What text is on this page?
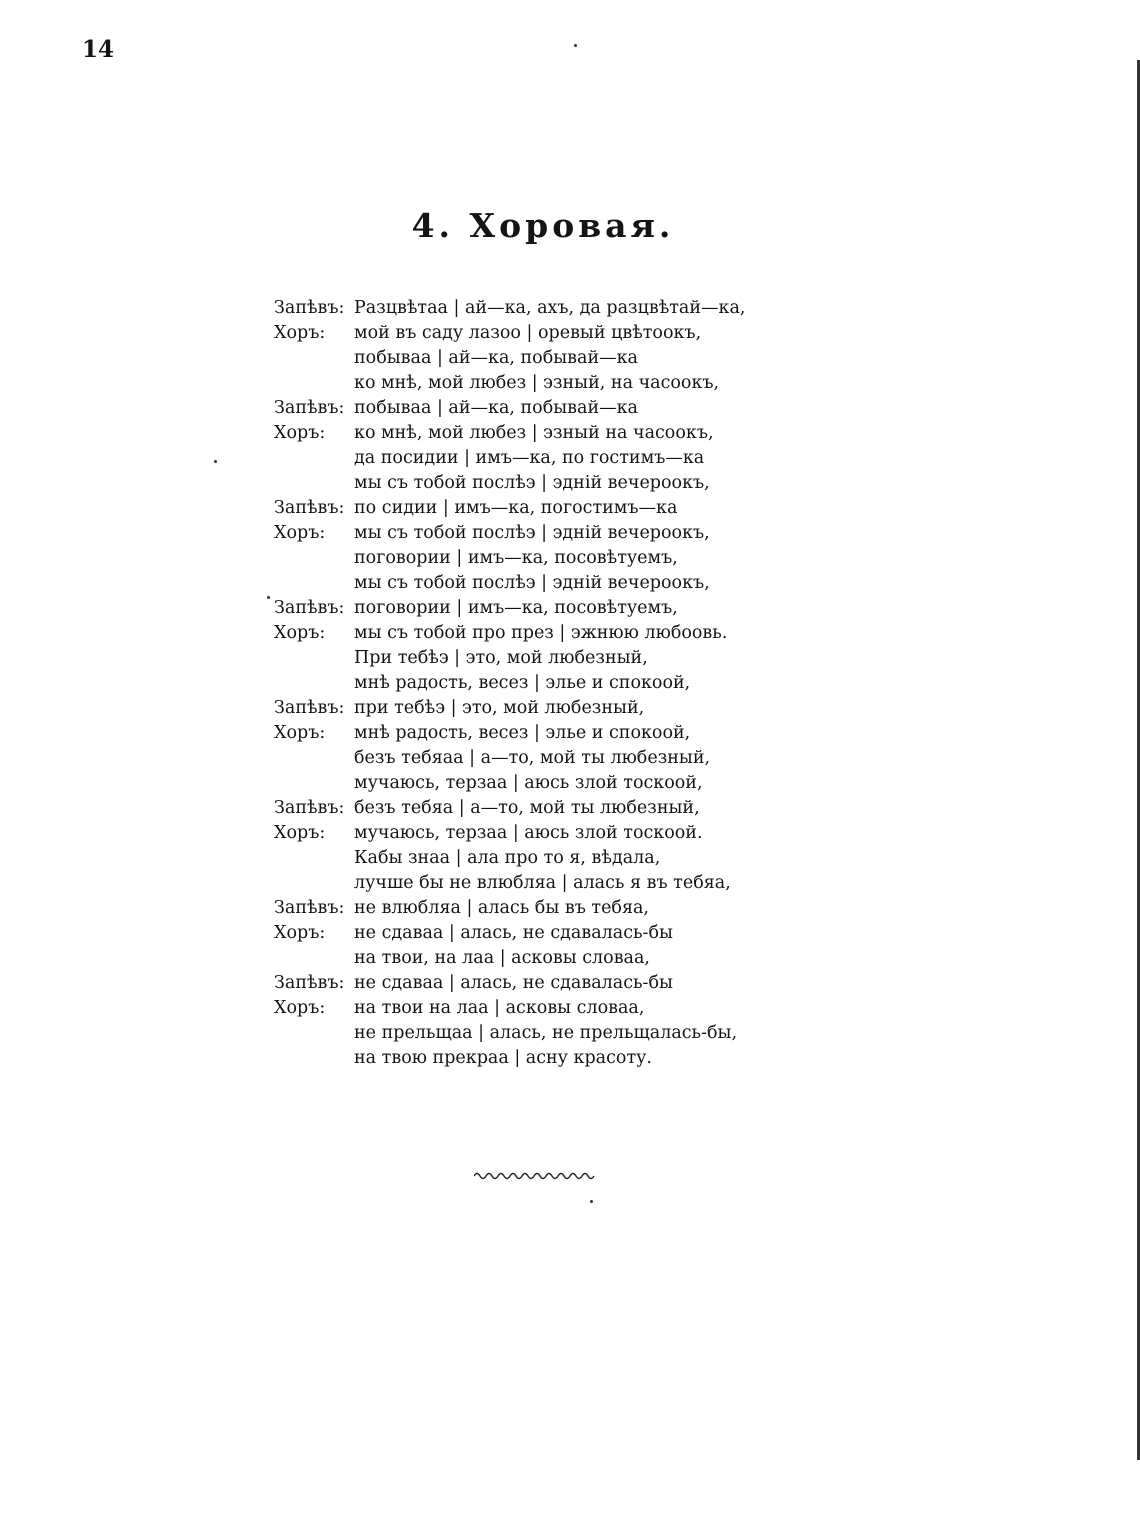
14
4. Хоровая.
Запѣвъ: Разцвѣтаа | ай—ка, ахъ, да разцвѣтай—ка,
Хоръ:	мой въ саду лазоо | оревый цвѣтоокъ,
побываа | ай—ка, побывай—ка
ко мнѣ, мой любез | эзный, на часоокъ,
Запѣвъ: побываа | ай—ка, побывай—ка
Хоръ:	ко мнѣ, мой любез | эзный на часоокъ,
да посидии | имъ—ка, по гостимъ—ка
мы съ тобой послѣэ | эдній вечероокъ,
Запѣвъ: по сидии | имъ—ка, погостимъ—ка
Хоръ:	мы съ тобой послѣэ | эдній вечероокъ,
поговории | имъ—ка, посовѣтуемъ,
мы съ тобой послѣэ | эдній вечероокъ,
Запѣвъ: поговории | имъ—ка, посовѣтуемъ,
Хоръ:	мы съ тобой про през | эжнюю любоовь.
При тебѣэ | это, мой любезный,
мнѣ радость, весез | элье и спокоой,
Запѣвъ: при тебѣэ | это, мой любезный,
Хоръ:	мнѣ радость, весез | элье и спокоой,
безъ тебяаа | а—то, мой ты любезный,
мучаюсь, терзаа | аюсь злой тоскоой,
Запѣвъ: безъ тебяа | а—то, мой ты любезный,
Хоръ:	мучаюсь, терзаа | аюсь злой тоскоой.
Кабы знаа | ала про то я, вѣдала,
лучше бы не влюбляа | алась я въ тебяа,
Запѣвъ: не влюбляа | алась бы въ тебяа,
Хоръ:	не сдаваа | алась, не сдавалась-бы
на твои, на лаа | асковы словаа,
Запѣвъ: не сдаваа | алась, не сдавалась-бы
Хоръ:	на твои на лаа | асковы словаа,
не прельщаа | алась, не прельщалась-бы,
на твою прекраа | асну красоту.
